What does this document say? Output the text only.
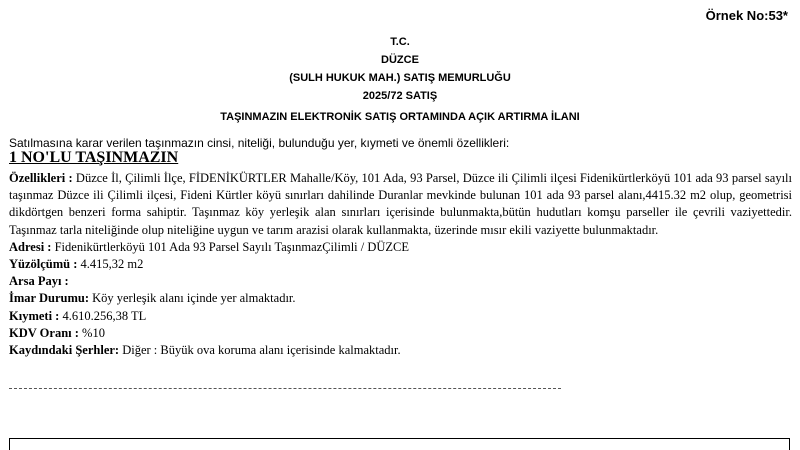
Örnek No:53*
T.C.
DÜZCE
(SULH HUKUK MAH.) SATIŞ MEMURLUĞU
2025/72 SATIŞ
TAŞINMAZIN ELEKTRONİK SATIŞ ORTAMINDA AÇIK ARTIRMA İLANI
Satılmasına karar verilen taşınmazın cinsi, niteliği, bulunduğu yer, kıymeti ve önemli özellikleri:
1 NO'LU TAŞINMAZIN
Özellikleri : Düzce İl, Çilimli İlçe, FİDENİKÜRTLER Mahalle/Köy, 101 Ada, 93 Parsel, Düzce ili Çilimli ilçesi Fidenikürtlerköyü 101 ada 93 parsel sayılı taşınmaz Düzce ili Çilimli ilçesi, Fideni Kürtler köyü sınırları dahilinde Duranlar mevkinde bulunan 101 ada 93 parsel alanı,4415.32 m2 olup, geometrisi dikdörtgen benzeri forma sahiptir. Taşınmaz köy yerleşik alan sınırları içerisinde bulunmakta,bütün hudutları komşu parseller ile çevrili vaziyettedir. Taşınmaz tarla niteliğinde olup niteliğine uygun ve tarım arazisi olarak kullanmakta, üzerinde mısır ekili vaziyette bulunmaktadır.
Adresi : Fidenikürtlerköyü 101 Ada 93 Parsel Sayılı TaşınmazÇilimli / DÜZCE
Yüzölçümü : 4.415,32 m2
Arsa Payı :
İmar Durumu: Köy yerleşik alanı içinde yer almaktadır.
Kıymeti : 4.610.256,38 TL
KDV Oranı : %10
Kaydındaki Şerhler: Diğer : Büyük ova koruma alanı içerisinde kalmaktadır.
